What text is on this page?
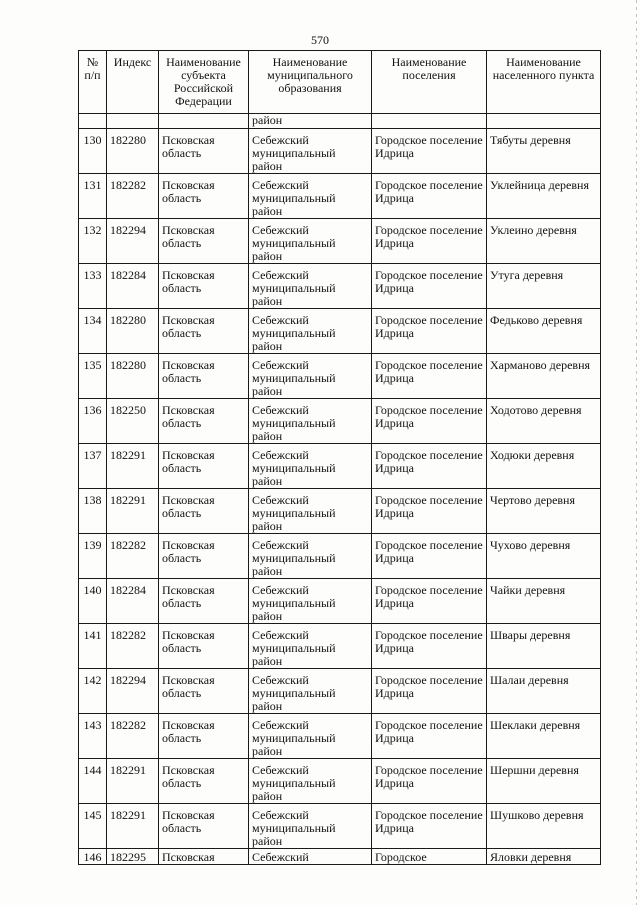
570
№ п/п	Индекс	Наименование субъекта Российской Федерации	Наименование муниципального образования	Наименование поселения	Наименование населенного пункта
			район		
130	182280	Псковская область	Себежский муниципальный район	Городское поселение Идрица	Тябуты деревня
131	182282	Псковская область	Себежский муниципальный район	Городское поселение Идрица	Уклейница деревня
132	182294	Псковская область	Себежский муниципальный район	Городское поселение Идрица	Уклеино деревня
133	182284	Псковская область	Себежский муниципальный район	Городское поселение Идрица	Утуга деревня
134	182280	Псковская область	Себежский муниципальный район	Городское поселение Идрица	Федьково деревня
135	182280	Псковская область	Себежский муниципальный район	Городское поселение Идрица	Харманово деревня
136	182250	Псковская область	Себежский муниципальный район	Городское поселение Идрица	Ходотово деревня
137	182291	Псковская область	Себежский муниципальный район	Городское поселение Идрица	Ходюки деревня
138	182291	Псковская область	Себежский муниципальный район	Городское поселение Идрица	Чертово деревня
139	182282	Псковская область	Себежский муниципальный район	Городское поселение Идрица	Чухово деревня
140	182284	Псковская область	Себежский муниципальный район	Городское поселение Идрица	Чайки деревня
141	182282	Псковская область	Себежский муниципальный район	Городское поселение Идрица	Швары деревня
142	182294	Псковская область	Себежский муниципальный район	Городское поселение Идрица	Шалаи деревня
143	182282	Псковская область	Себежский муниципальный район	Городское поселение Идрица	Шеклаки деревня
144	182291	Псковская область	Себежский муниципальный район	Городское поселение Идрица	Шершни деревня
145	182291	Псковская область	Себежский муниципальный район	Городское поселение Идрица	Шушково деревня
146	182295	Псковская	Себежский	Городское	Яловки деревня
